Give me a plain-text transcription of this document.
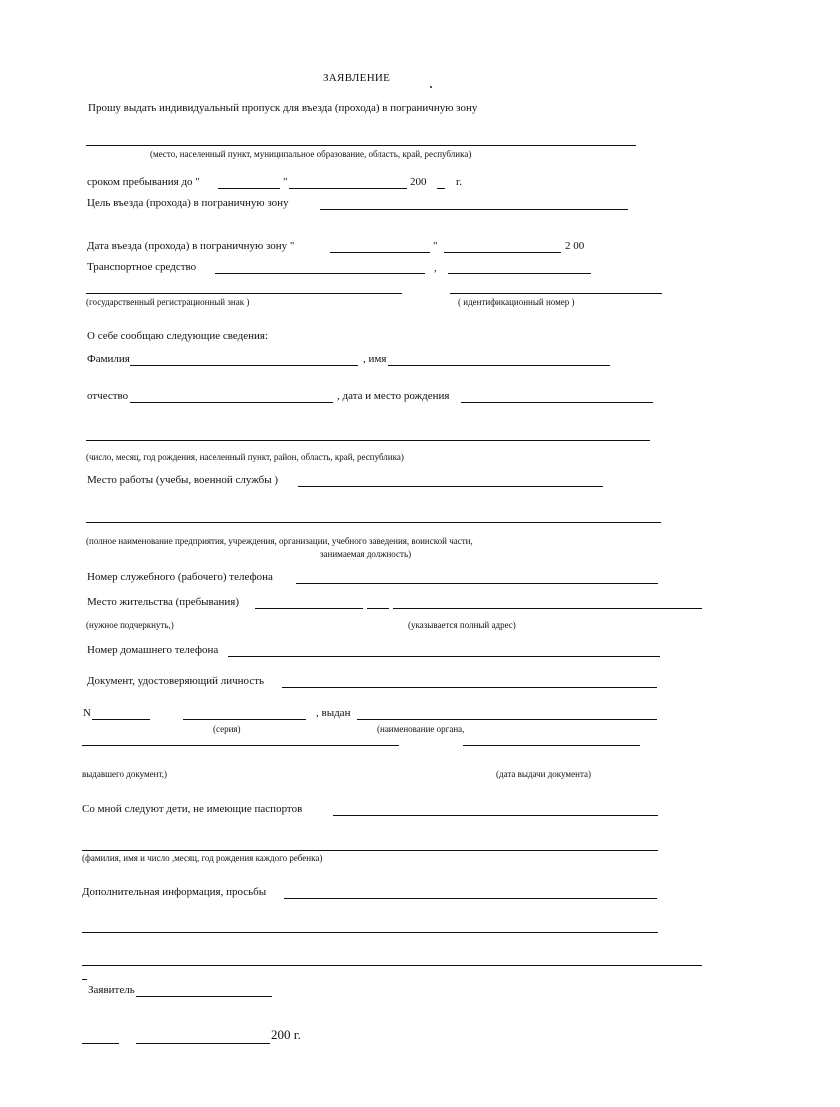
ЗАЯВЛЕНИЕ
Прошу выдать индивидуальный пропуск для въезда (прохода) в пограничную зону
(место, населенный пункт, муниципальное образование, область, край, республика)
сроком пребывания до "	"	200	г.
Цель въезда (прохода) в пограничную зону
Дата въезда (прохода) в пограничную зону "	"	2 00
Транспортное средство	,
(государственный регистрационный знак )	( идентификационный номер )
О себе сообщаю следующие сведения:
Фамилия	, имя
отчество	, дата и место рождения
(число, месяц, год рождения, населенный пункт, район, область, край, республика)
Место работы (учебы, военной службы )
(полное наименование предприятия, учреждения, организации, учебного заведения, воинской части,
занимаемая должность)
Номер служебного (рабочего) телефона
Место жительства (пребывания)
(нужное подчеркнуть,)	(указывается полный адрес)
Номер домашнего телефона
Документ, удостоверяющий личность
N	, выдан
(серия)	(наименование органа,
выдавшего документ,)	(дата выдачи документа)
Со мной следуют дети, не имеющие паспортов
(фамилия, имя и число ,месяц, год рождения каждого ребенка)
Дополнительная информация, просьбы
Заявитель
200 г.
